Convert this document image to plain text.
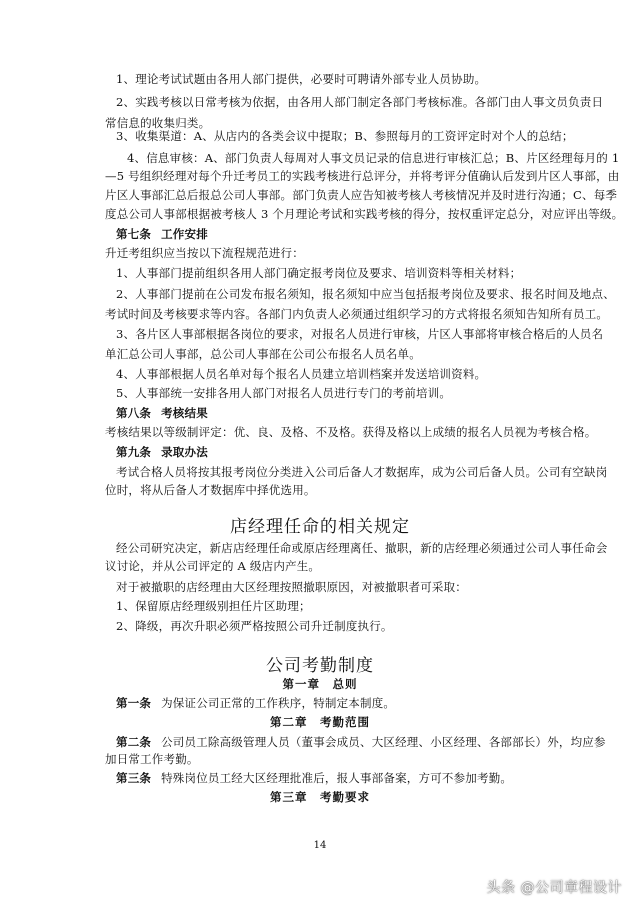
1、理论考试试题由各用人部门提供，必要时可聘请外部专业人员协助。
2、实践考核以日常考核为依据，由各用人部门制定各部门考核标准。各部门由人事文员负责日
常信息的收集归类。
3、收集渠道：A、从店内的各类会议中提取；B、参照每月的工资评定时对个人的总结；
4、信息审核：A、部门负责人每周对人事文员记录的信息进行审核汇总；B、片区经理每月的 1
—5 号组织经理对每个升迁考员工的实践考核进行总评分，并将考评分值确认后发到片区人事部，由
片区人事部汇总后报总公司人事部。部门负责人应告知被考核人考核情况并及时进行沟通；C、每季
度总公司人事部根据被考核人 3 个月理论考试和实践考核的得分，按权重评定总分，对应评出等级。
第七条 工作安排
升迁考组织应当按以下流程规范进行：
1、人事部门提前组织各用人部门确定报考岗位及要求、培训资料等相关材料；
2、人事部门提前在公司发布报名须知，报名须知中应当包括报考岗位及要求、报名时间及地点、
考试时间及考核要求等内容。各部门内负责人必须通过组织学习的方式将报名须知告知所有员工。
3、各片区人事部根据各岗位的要求，对报名人员进行审核，片区人事部将审核合格后的人员名
单汇总公司人事部，总公司人事部在公司公布报名人员名单。
4、人事部根据人员名单对每个报名人员建立培训档案并发送培训资料。
5、人事部统一安排各用人部门对报名人员进行专门的考前培训。
第八条 考核结果
考核结果以等级制评定：优、良、及格、不及格。获得及格以上成绩的报名人员视为考核合格。
第九条 录取办法
考试合格人员将按其报考岗位分类进入公司后备人才数据库，成为公司后备人员。公司有空缺岗
位时，将从后备人才数据库中择优选用。
店经理任命的相关规定
经公司研究决定，新店店经理任命或原店经理离任、撤职，新的店经理必须通过公司人事任命会
议讨论，并从公司评定的 A 级店内产生。
对于被撤职的店经理由大区经理按照撤职原因，对被撤职者可采取：
1、保留原店经理级别担任片区助理；
2、降级，再次升职必须严格按照公司升迁制度执行。
公司考勤制度
第一章　总则
第一条 为保证公司正常的工作秩序，特制定本制度。
第二章　考勤范围
第二条 公司员工除高级管理人员（董事会成员、大区经理、小区经理、各部部长）外，均应参
加日常工作考勤。
第三条 特殊岗位员工经大区经理批准后，报人事部备案，方可不参加考勤。
第三章　考勤要求
14
头条 @公司章程设计
